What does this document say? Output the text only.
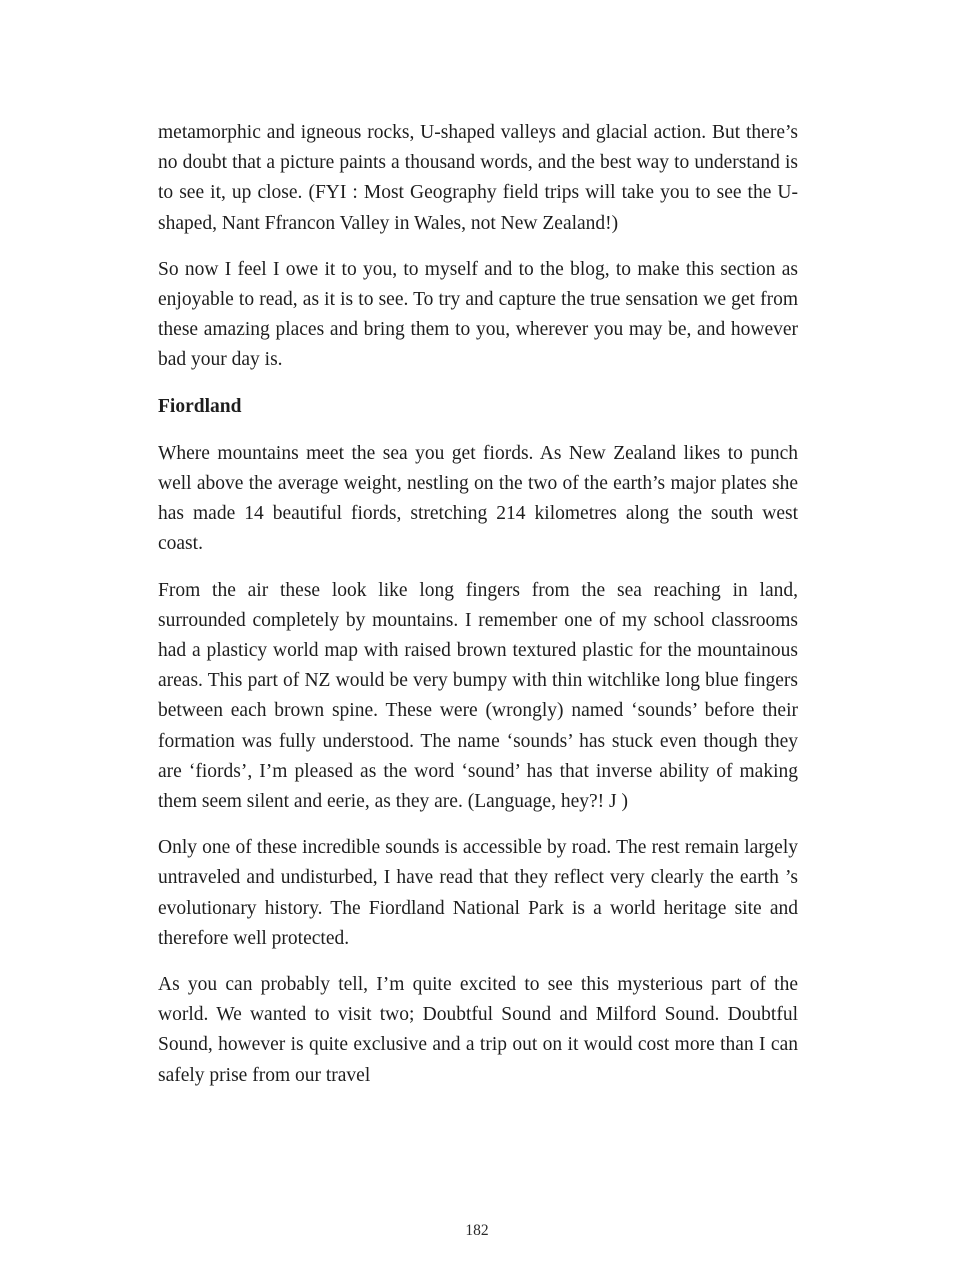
metamorphic and igneous rocks, U-shaped valleys and glacial action. But there’s no doubt that a picture paints a thousand words, and the best way to understand is to see it, up close. (FYI : Most Geography field trips will take you to see the U-shaped, Nant Ffrancon Valley in Wales, not New Zealand!)

So now I feel I owe it to you, to myself and to the blog, to make this section as enjoyable to read, as it is to see. To try and capture the true sensation we get from these amazing places and bring them to you, wherever you may be, and however bad your day is.

Fiordland

Where mountains meet the sea you get fiords. As New Zealand likes to punch well above the average weight, nestling on the two of the earth’s major plates she has made 14 beautiful fiords, stretching 214 kilometres along the south west coast.

From the air these look like long fingers from the sea reaching in land, surrounded completely by mountains. I remember one of my school classrooms had a plasticy world map with raised brown textured plastic for the mountainous areas. This part of NZ would be very bumpy with thin witchlike long blue fingers between each brown spine. These were (wrongly) named ‘sounds’ before their formation was fully understood. The name ‘sounds’ has stuck even though they are ‘fiords’, I’m pleased as the word ‘sound’ has that inverse ability of making them seem silent and eerie, as they are. (Language, hey?! J )

Only one of these incredible sounds is accessible by road. The rest remain largely untraveled and undisturbed, I have read that they reflect very clearly the earth ’s evolutionary history. The Fiordland National Park is a world heritage site and therefore well protected.

As you can probably tell, I’m quite excited to see this mysterious part of the world. We wanted to visit two; Doubtful Sound and Milford Sound. Doubtful Sound, however is quite exclusive and a trip out on it would cost more than I can safely prise from our travel

182
